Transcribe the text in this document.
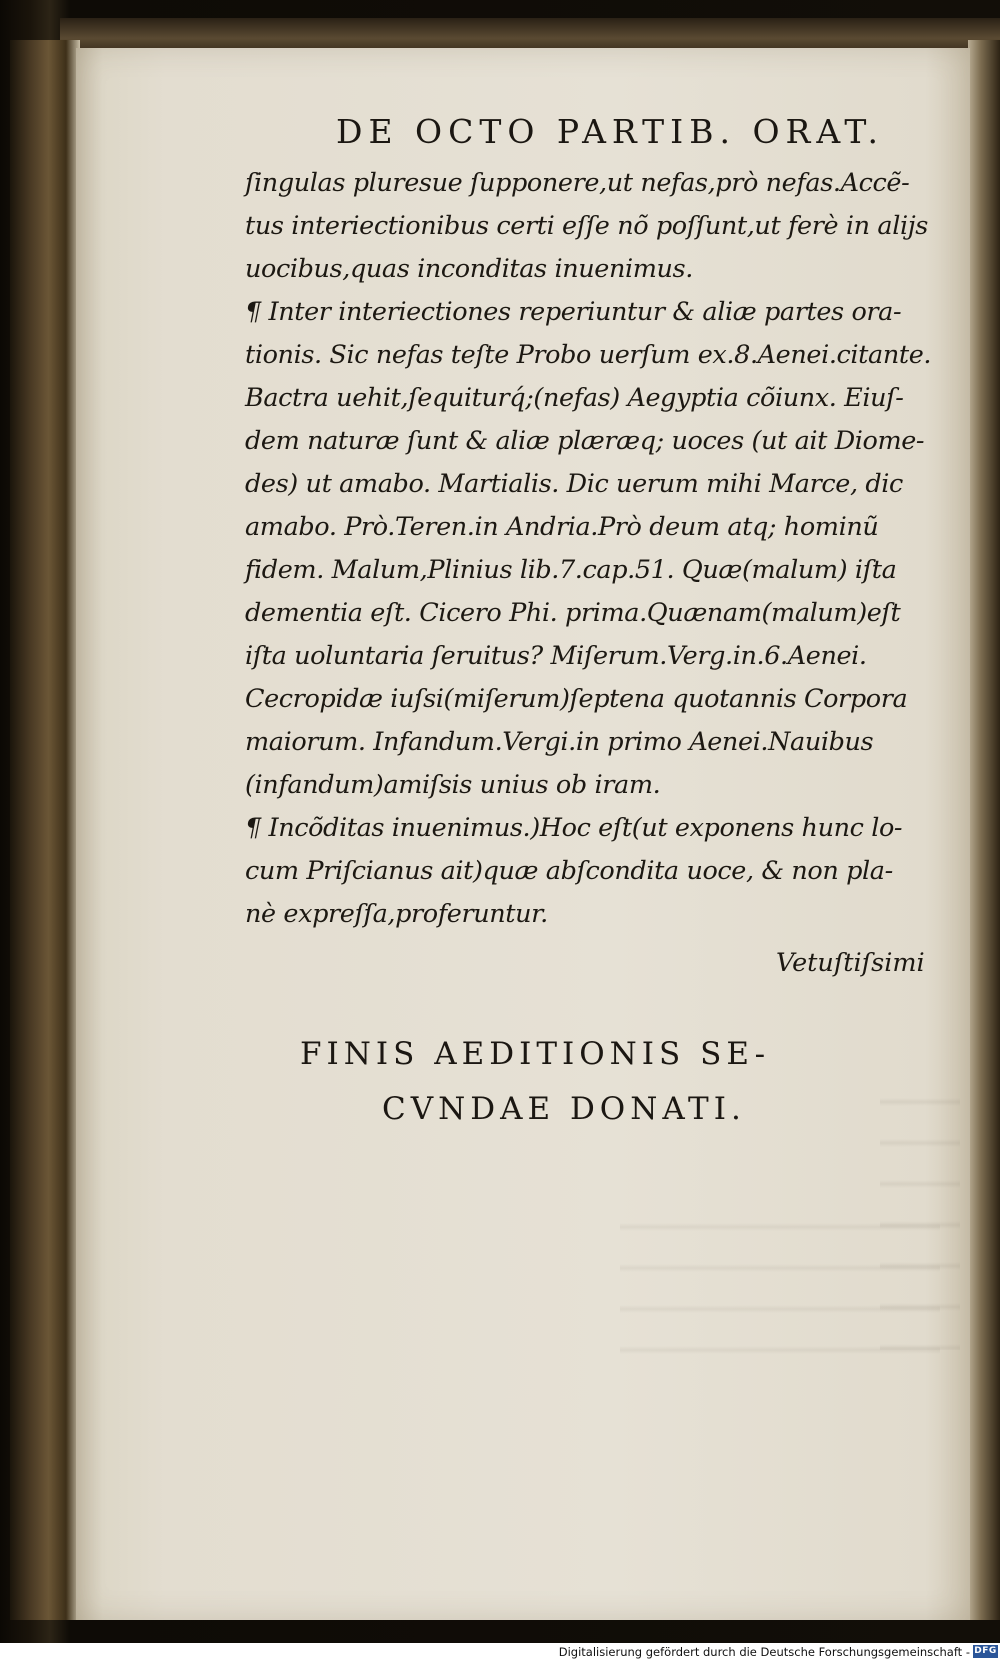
DE OCTO PARTIB. ORAT.
ſingulas pluresue ſupponere,ut nefas,prò nefas.Accẽ-
tus interiectionibus certi eſſe nõ poſſunt,ut ferè in alijs
uocibus,quas inconditas inuenimus.
¶ Inter interiectiones reperiuntur & aliæ partes ora-
tionis. Sic nefas teſte Probo uerſum ex.8.Aenei.citante.
Bactra uehit,ſequiturq́;(nefas) Aegyptia cõiunx. Eiuſ-
dem naturæ ſunt & aliæ plæræq; uoces (ut ait Diome-
des) ut amabo. Martialis. Dic uerum mihi Marce, dic
amabo. Prò.Teren.in Andria.Prò deum atq; hominũ
fidem. Malum,Plinius lib.7.cap.51. Quæ(malum) iſta
dementia eſt. Cicero Phi. prima.Quænam(malum)eſt
iſta uoluntaria ſeruitus? Miſerum.Verg.in.6.Aenei.
Cecropidæ iuſsi(miſerum)ſeptena quotannis Corpora
maiorum. Infandum.Vergi.in primo Aenei.Nauibus
(infandum)amiſsis unius ob iram.
¶ Incõditas inuenimus.)Hoc eſt(ut exponens hunc lo-
cum Priſcianus ait)quæ abſcondita uoce, & non pla-
nè expreſſa,proferuntur.
Vetuſtiſsimi
FINIS AEDITIONIS SE-
CVNDAE DONATI.
Digitalisierung gefördert durch die Deutsche Forschungsgemeinschaft - DFG
